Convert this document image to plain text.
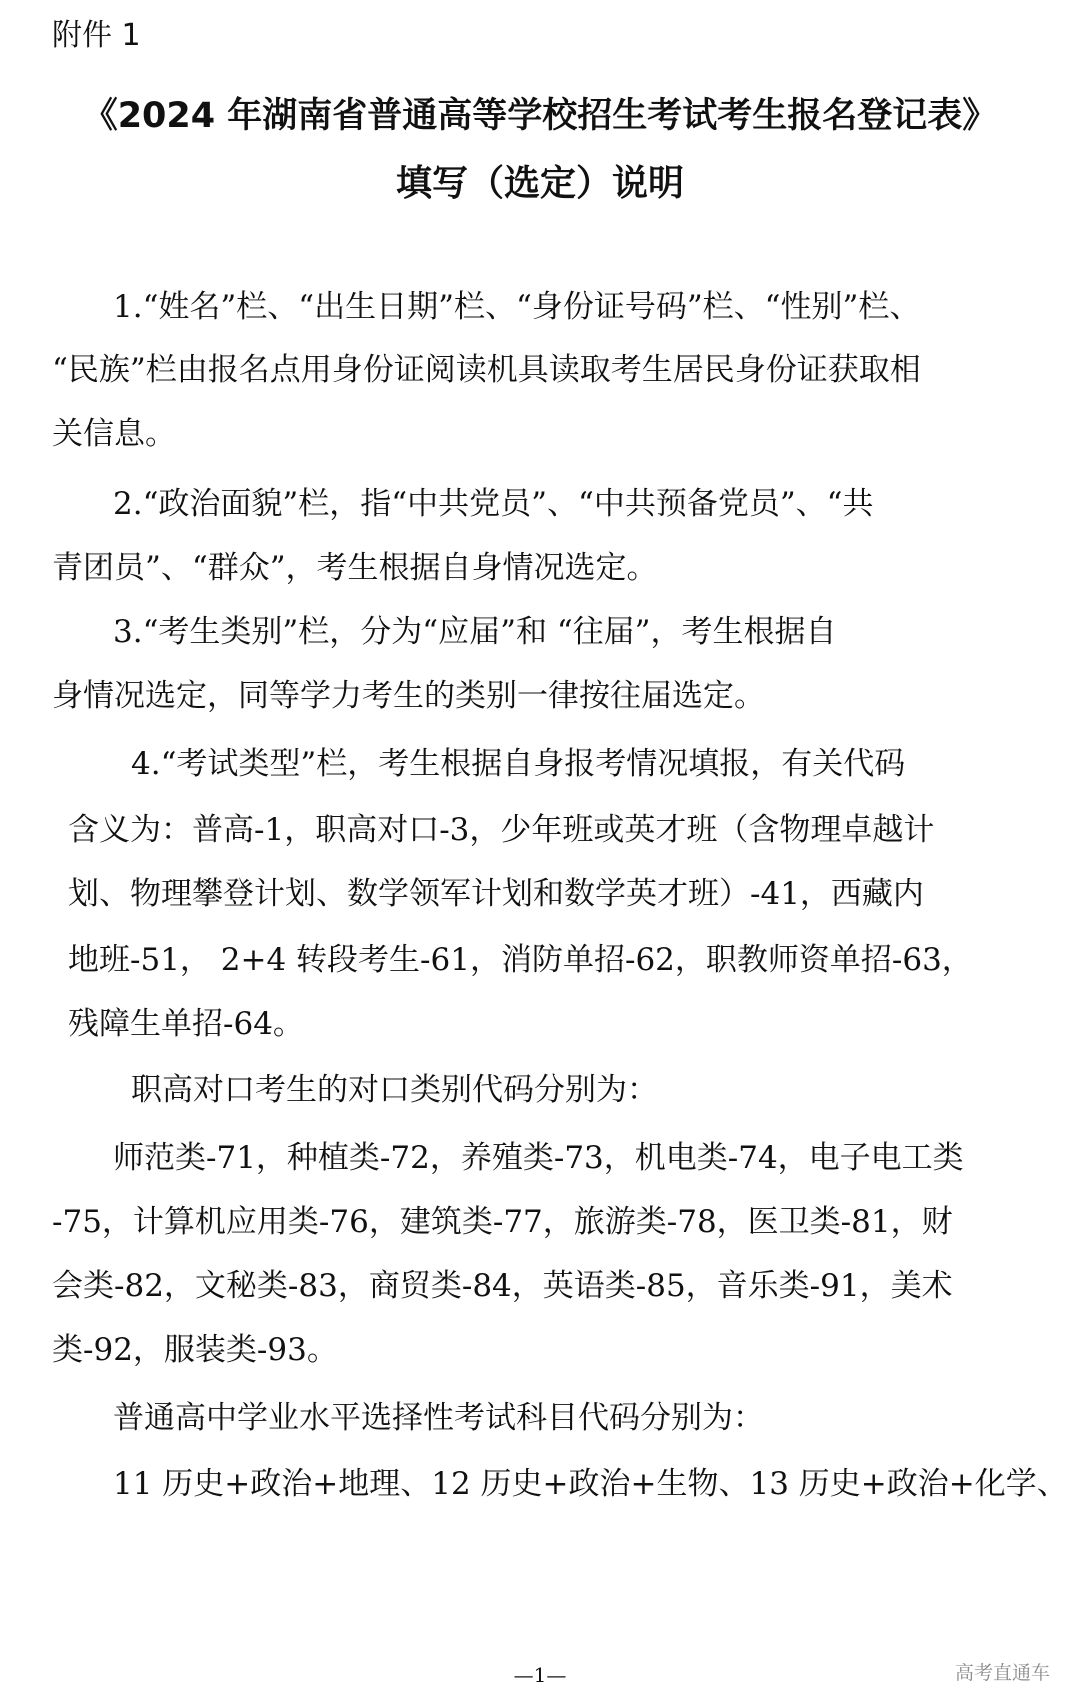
附件 1
《2024 年湖南省普通高等学校招生考试考生报名登记表》
填写（选定）说明
1.“姓名”栏、“出生日期”栏、“身份证号码”栏、“性别”栏、
“民族”栏由报名点用身份证阅读机具读取考生居民身份证获取相
关信息。
2.“政治面貌”栏，指“中共党员”、“中共预备党员”、“共
青团员”、“群众”，考生根据自身情况选定。
3.“考生类别”栏，分为“应届”和 “往届”，考生根据自
身情况选定，同等学力考生的类别一律按往届选定。
4.“考试类型”栏，考生根据自身报考情况填报，有关代码
含义为：普高-1，职高对口-3，少年班或英才班（含物理卓越计
划、物理攀登计划、数学领军计划和数学英才班）-41，西藏内
地班-51， 2+4 转段考生-61，消防单招-62，职教师资单招-63，
残障生单招-64。
职高对口考生的对口类别代码分别为：
师范类-71，种植类-72，养殖类-73，机电类-74，电子电工类
-75，计算机应用类-76，建筑类-77，旅游类-78，医卫类-81，财
会类-82，文秘类-83，商贸类-84，英语类-85，音乐类-91，美术
类-92，服装类-93。
普通高中学业水平选择性考试科目代码分别为：
11 历史+政治+地理、12 历史+政治+生物、13 历史+政治+化学、
—1—	高考直通车
